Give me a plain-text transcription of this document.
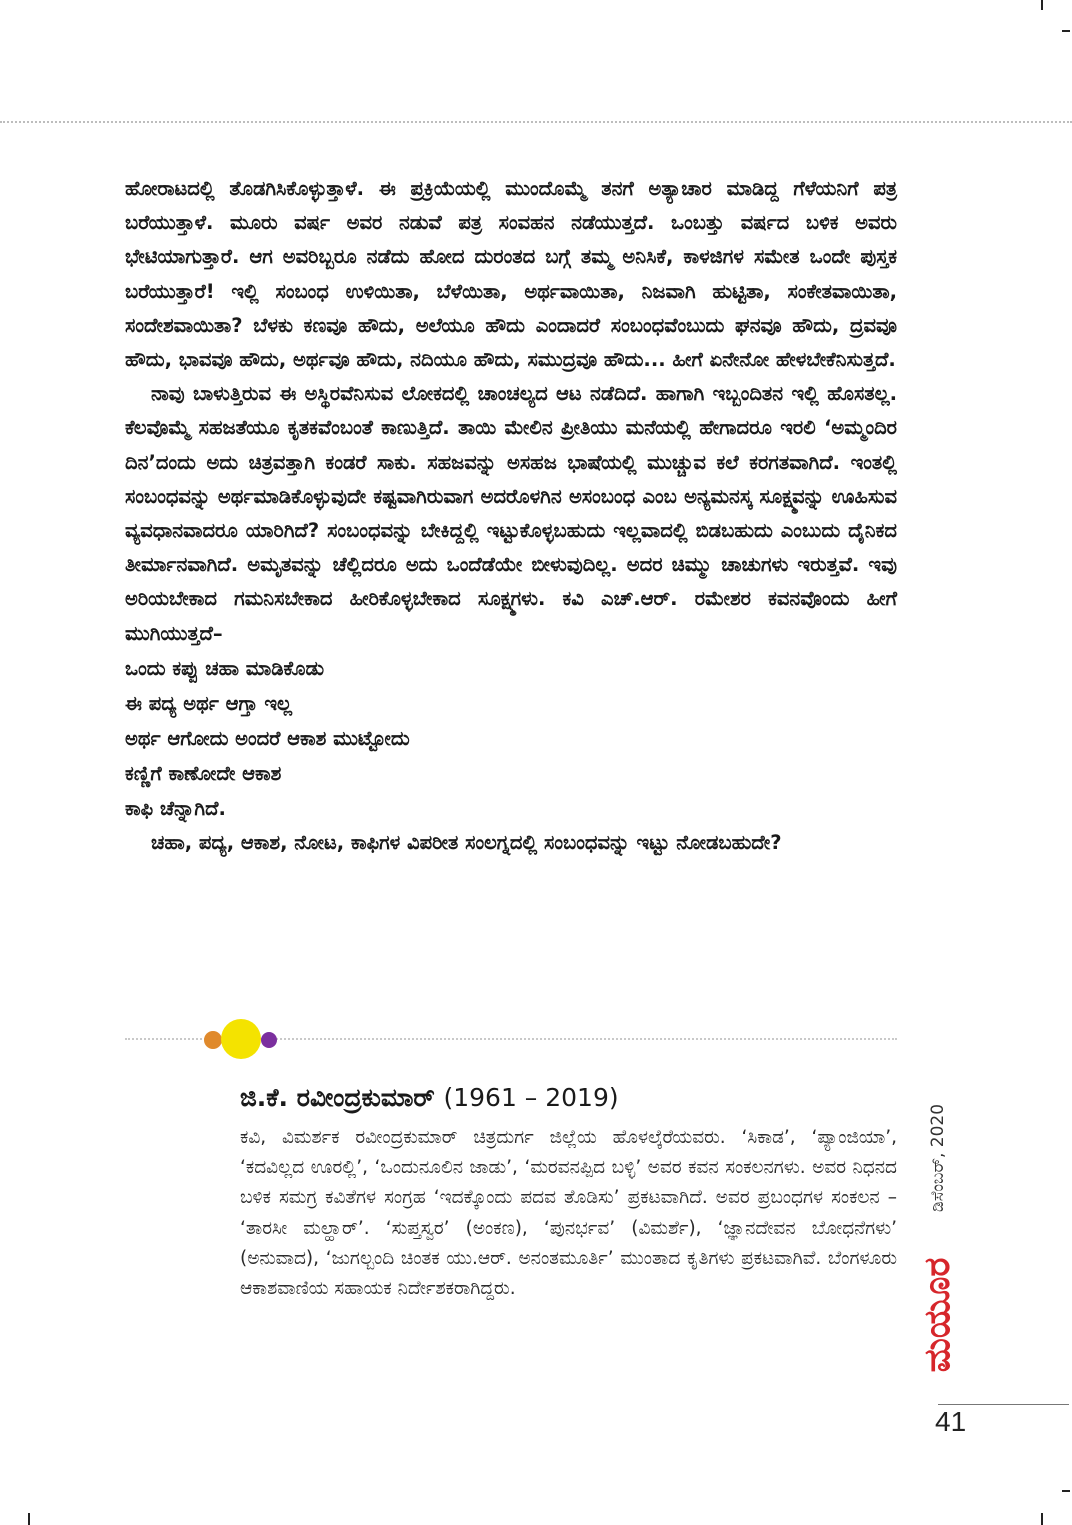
ಹೋರಾಟದಲ್ಲಿ ತೊಡಗಿಸಿಕೊಳ್ಳುತ್ತಾಳೆ. ಈ ಪ್ರಕ್ರಿಯೆಯಲ್ಲಿ ಮುಂದೊಮ್ಮೆ ತನಗೆ ಅತ್ಯಾಚಾರ ಮಾಡಿದ್ದ ಗೆಳೆಯನಿಗೆ ಪತ್ರ ಬರೆಯುತ್ತಾಳೆ. ಮೂರು ವರ್ಷ ಅವರ ನಡುವೆ ಪತ್ರ ಸಂವಹನ ನಡೆಯುತ್ತದೆ. ಒಂಬತ್ತು ವರ್ಷದ ಬಳಿಕ ಅವರು ಭೇಟಿಯಾಗುತ್ತಾರೆ. ಆಗ ಅವರಿಬ್ಬರೂ ನಡೆದು ಹೋದ ದುರಂತದ ಬಗ್ಗೆ ತಮ್ಮ ಅನಿಸಿಕೆ, ಕಾಳಜಿಗಳ ಸಮೇತ ಒಂದೇ ಪುಸ್ತಕ ಬರೆಯುತ್ತಾರೆ! ಇಲ್ಲಿ ಸಂಬಂಧ ಉಳಿಯಿತಾ, ಬೆಳೆಯಿತಾ, ಅರ್ಥವಾಯಿತಾ, ನಿಜವಾಗಿ ಹುಟ್ಟಿತಾ, ಸಂಕೇತವಾಯಿತಾ, ಸಂದೇಶವಾಯಿತಾ? ಬೆಳಕು ಕಣವೂ ಹೌದು, ಅಲೆಯೂ ಹೌದು ಎಂದಾದರೆ ಸಂಬಂಧವೆಂಬುದು ಘನವೂ ಹೌದು, ದ್ರವವೂ ಹೌದು, ಭಾವವೂ ಹೌದು, ಅರ್ಥವೂ ಹೌದು, ನದಿಯೂ ಹೌದು, ಸಮುದ್ರವೂ ಹೌದು... ಹೀಗೆ ಏನೇನೋ ಹೇಳಬೇಕೆನಿಸುತ್ತದೆ.

ನಾವು ಬಾಳುತ್ತಿರುವ ಈ ಅಸ್ಥಿರವೆನಿಸುವ ಲೋಕದಲ್ಲಿ ಚಾಂಚಲ್ಯದ ಆಟ ನಡೆದಿದೆ. ಹಾಗಾಗಿ ಇಬ್ಬಂದಿತನ ಇಲ್ಲಿ ಹೊಸತಲ್ಲ. ಕೆಲವೊಮ್ಮೆ ಸಹಜತೆಯೂ ಕೃತಕವೆಂಬಂತೆ ಕಾಣುತ್ತಿದೆ. ತಾಯಿ ಮೇಲಿನ ಪ್ರೀತಿಯು ಮನೆಯಲ್ಲಿ ಹೇಗಾದರೂ ಇರಲಿ ‘ಅಮ್ಮಂದಿರ ದಿನ’ದಂದು ಅದು ಚಿತ್ರವತ್ತಾಗಿ ಕಂಡರೆ ಸಾಕು. ಸಹಜವನ್ನು ಅಸಹಜ ಭಾಷೆಯಲ್ಲಿ ಮುಚ್ಚುವ ಕಲೆ ಕರಗತವಾಗಿದೆ. ಇಂತಲ್ಲಿ ಸಂಬಂಧವನ್ನು ಅರ್ಥಮಾಡಿಕೊಳ್ಳುವುದೇ ಕಷ್ಟವಾಗಿರುವಾಗ ಅದರೊಳಗಿನ ಅಸಂಬಂಧ ಎಂಬ ಅನ್ಯಮನಸ್ಕ ಸೂಕ್ಷ್ಮವನ್ನು ಊಹಿಸುವ ವ್ಯವಧಾನವಾದರೂ ಯಾರಿಗಿದೆ? ಸಂಬಂಧವನ್ನು ಬೇಕಿದ್ದಲ್ಲಿ ಇಟ್ಟುಕೊಳ್ಳಬಹುದು ಇಲ್ಲವಾದಲ್ಲಿ ಬಿಡಬಹುದು ಎಂಬುದು ದೈನಿಕದ ತೀರ್ಮಾನವಾಗಿದೆ. ಅಮೃತವನ್ನು ಚೆಲ್ಲಿದರೂ ಅದು ಒಂದೆಡೆಯೇ ಬೀಳುವುದಿಲ್ಲ. ಅದರ ಚಿಮ್ಮು ಚಾಚುಗಳು ಇರುತ್ತವೆ. ಇವು ಅರಿಯಬೇಕಾದ ಗಮನಿಸಬೇಕಾದ ಹೀರಿಕೊಳ್ಳಬೇಕಾದ ಸೂಕ್ಷ್ಮಗಳು. ಕವಿ ಎಚ್.ಆರ್. ರಮೇಶರ ಕವನವೊಂದು ಹೀಗೆ ಮುಗಿಯುತ್ತದೆ–

ಒಂದು ಕಪ್ಪು ಚಹಾ ಮಾಡಿಕೊಡು
ಈ ಪದ್ಯ ಅರ್ಥ ಆಗ್ತಾ ಇಲ್ಲ
ಅರ್ಥ ಆಗೋದು ಅಂದರೆ ಆಕಾಶ ಮುಟ್ಟೋದು
ಕಣ್ಣಿಗೆ ಕಾಣೋದೇ ಆಕಾಶ
ಕಾಫಿ ಚೆನ್ನಾಗಿದೆ.

ಚಹಾ, ಪದ್ಯ, ಆಕಾಶ, ನೋಟ, ಕಾಫಿಗಳ ವಿಪರೀತ ಸಂಲಗ್ನದಲ್ಲಿ ಸಂಬಂಧವನ್ನು ಇಟ್ಟು ನೋಡಬಹುದೇ?

ಜಿ.ಕೆ. ರವೀಂದ್ರಕುಮಾರ್ (1961 – 2019)

ಕವಿ, ವಿಮರ್ಶಕ ರವೀಂದ್ರಕುಮಾರ್ ಚಿತ್ರದುರ್ಗ ಜಿಲ್ಲೆಯ ಹೊಳಲ್ಕೆರೆಯವರು. ‘ಸಿಕಾಡ’, ‘ಪ್ಯಾಂಜಿಯಾ’, ‘ಕದವಿಲ್ಲದ ಊರಲ್ಲಿ’, ‘ಒಂದುನೂಲಿನ ಜಾಡು’, ‘ಮರವನಪ್ಪಿದ ಬಳ್ಳಿ’ ಅವರ ಕವನ ಸಂಕಲನಗಳು. ಅವರ ನಿಧನದ ಬಳಿಕ ಸಮಗ್ರ ಕವಿತೆಗಳ ಸಂಗ್ರಹ ‘ಇದಕ್ಕೊಂದು ಪದವ ತೊಡಿಸು’ ಪ್ರಕಟವಾಗಿದೆ. ಅವರ ಪ್ರಬಂಧಗಳ ಸಂಕಲನ – ‘ತಾರಸೀ ಮಲ್ಹಾರ್’. ‘ಸುಪ್ತಸ್ವರ’ (ಅಂಕಣ), ‘ಪುನರ್ಭವ’ (ವಿಮರ್ಶೆ), ‘ಜ್ಞಾನದೇವನ ಬೋಧನೆಗಳು’ (ಅನುವಾದ), ‘ಜುಗಲ್ಬಂದಿ ಚಿಂತಕ ಯು.ಆರ್. ಅನಂತಮೂರ್ತಿ’ ಮುಂತಾದ ಕೃತಿಗಳು ಪ್ರಕಟವಾಗಿವೆ. ಬೆಂಗಳೂರು ಆಕಾಶವಾಣಿಯ ಸಹಾಯಕ ನಿರ್ದೇಶಕರಾಗಿದ್ದರು.

ಡಿಸೆಂಬರ್, 2020
ಮಯೂರ
41
